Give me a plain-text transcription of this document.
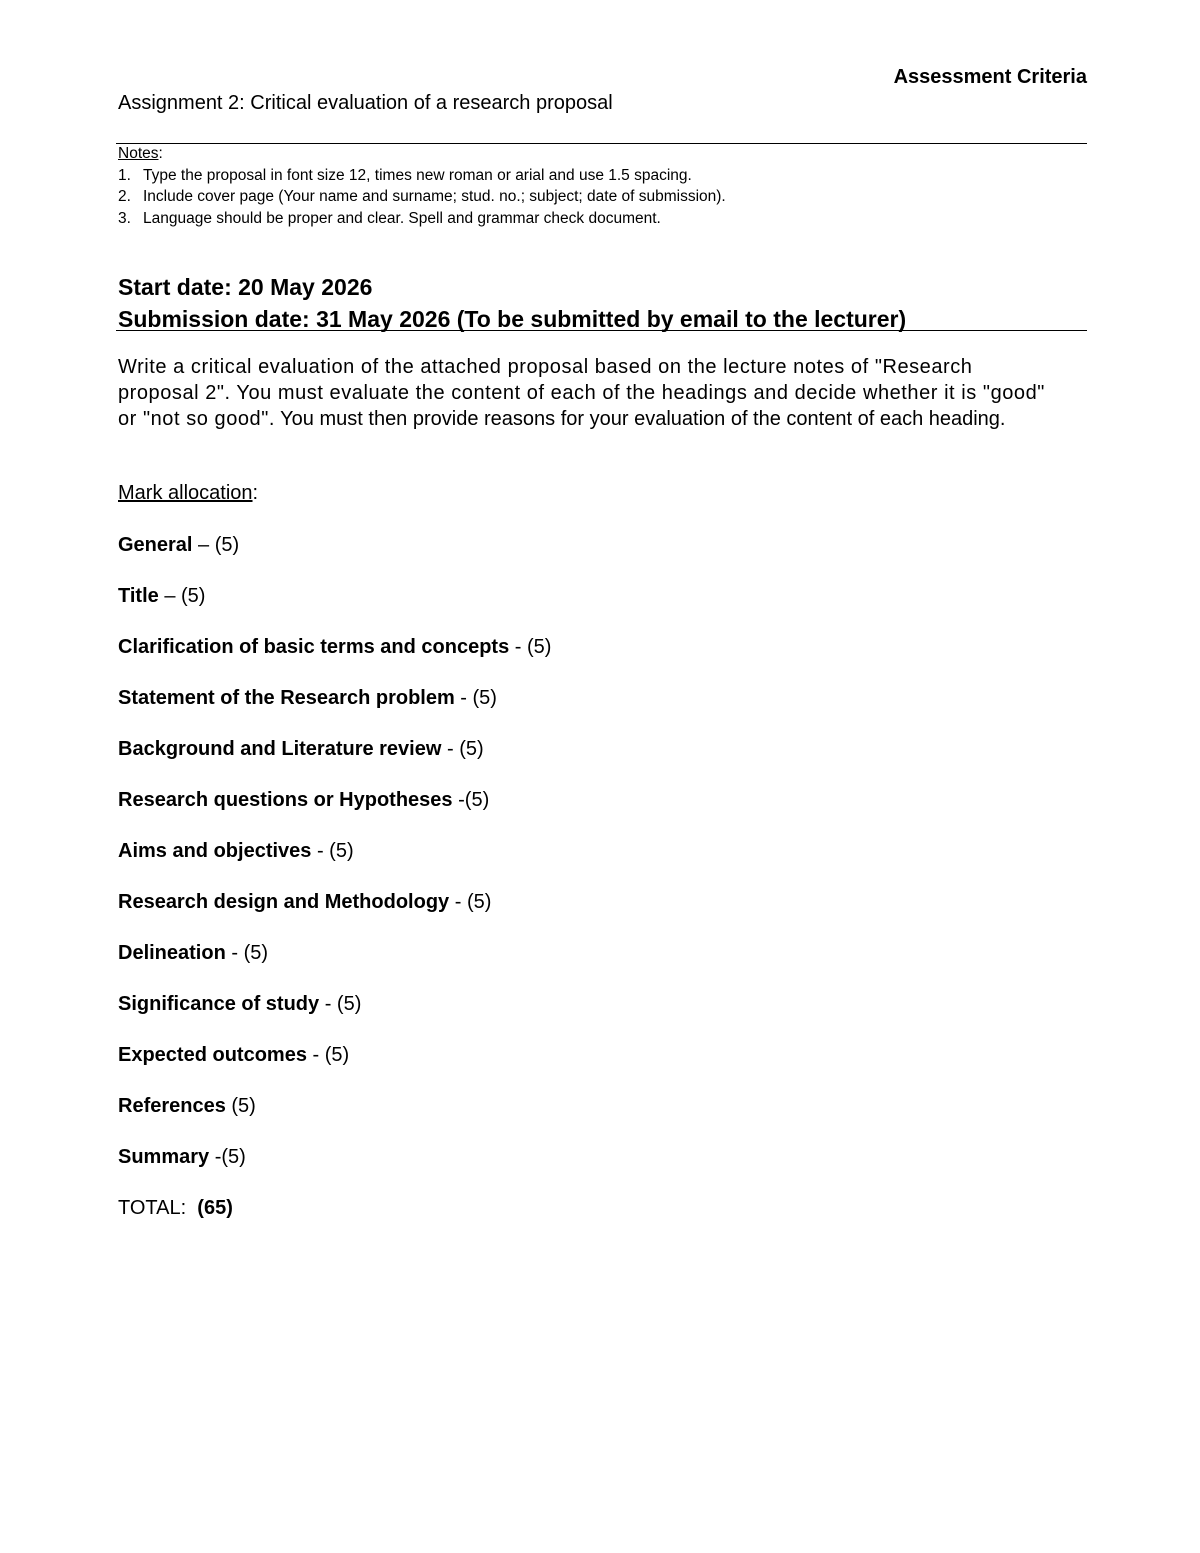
Assessment Criteria
Assignment 2: Critical evaluation of a research proposal
Notes:
1. Type the proposal in font size 12, times new roman or arial and use 1.5 spacing.
2. Include cover page (Your name and surname; stud. no.; subject; date of submission).
3. Language should be proper and clear. Spell and grammar check document.
Start date: 20 May 2026
Submission date: 31 May 2026 (To be submitted by email to the lecturer)
Write a critical evaluation of the attached proposal based on the lecture notes of "Research proposal 2". You must evaluate the content of each of the headings and decide whether it is "good" or "not so good". You must then provide reasons for your evaluation of the content of each heading.
Mark allocation:
General – (5)
Title – (5)
Clarification of basic terms and concepts - (5)
Statement of the Research problem - (5)
Background and Literature review - (5)
Research questions or Hypotheses -(5)
Aims and objectives - (5)
Research design and Methodology - (5)
Delineation - (5)
Significance of study - (5)
Expected outcomes - (5)
References (5)
Summary -(5)
TOTAL:  (65)
